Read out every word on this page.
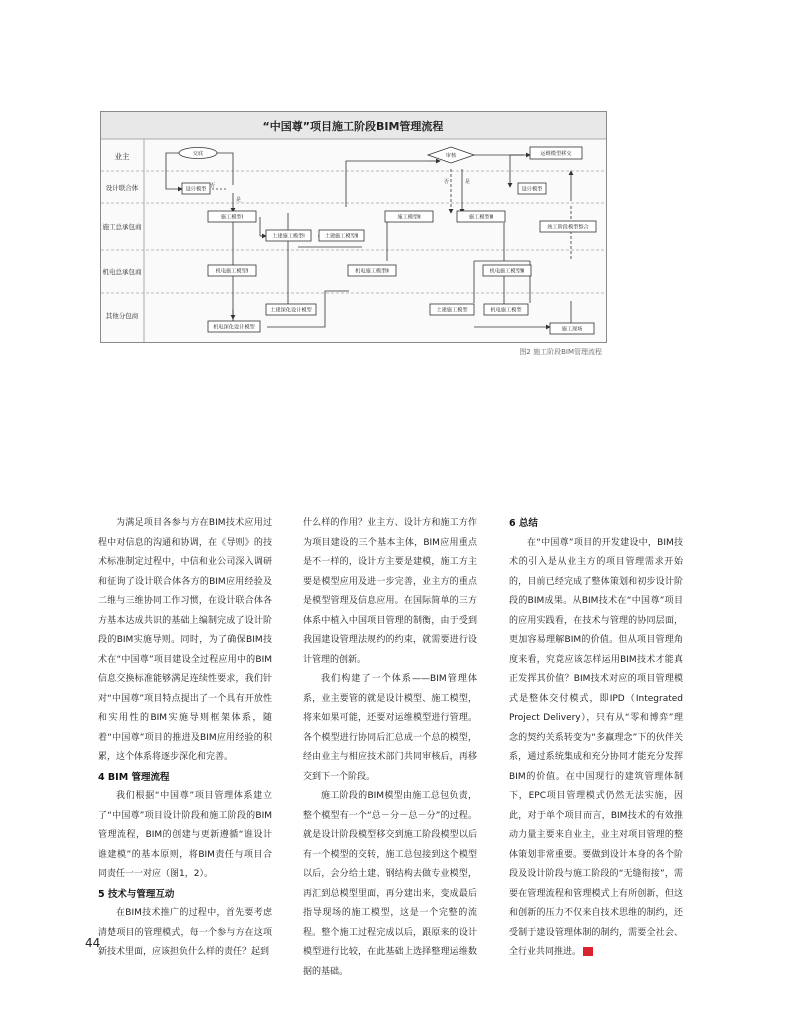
“中国尊”项目施工阶段BIM管理流程
业主
设计联合体
施工总承包商
机电总承包商
其他分包商
交底	审核	运维模型移交
设计模型	设计模型
施工模型Ⅰ
土建施工模型Ⅰ	土建施工模型Ⅱ
施工模型Ⅱ	施工模型Ⅲ
竣工阶段模型整合
机电施工模型Ⅰ	机电施工模型Ⅱ	机电施工模型Ⅲ
土建深化设计模型
机电深化设计模型
土建施工模型	机电施工模型
施工现场
否
是
否	是
图2 施工阶段BIM管理流程

为满足项目各参与方在BIM技术应用过程中对信息的沟通和协调，在《导则》的技术标准制定过程中，中信和业公司深入调研和征询了设计联合体各方的BIM应用经验及二维与三维协同工作习惯，在设计联合体各方基本达成共识的基础上编制完成了设计阶段的BIM实施导则。同时，为了确保BIM技术在“中国尊”项目建设全过程应用中的BIM信息交换标准能够满足连续性要求，我们针对“中国尊”项目特点提出了一个具有开放性和实用性的BIM实施导则框架体系，随着“中国尊”项目的推进及BIM应用经验的积累，这个体系将逐步深化和完善。

4 BIM 管理流程

我们根据“中国尊”项目管理体系建立了“中国尊”项目设计阶段和施工阶段的BIM管理流程，BIM的创建与更新遵循“谁设计谁建模”的基本原则，将BIM责任与项目合同责任一一对应（图1，2）。

5 技术与管理互动

在BIM技术推广的过程中，首先要考虑清楚项目的管理模式，每一个参与方在这项新技术里面，应该担负什么样的责任？起到

什么样的作用？业主方、设计方和施工方作为项目建设的三个基本主体，BIM应用重点是不一样的，设计方主要是建模，施工方主要是模型应用及进一步完善，业主方的重点是模型管理及信息应用。在国际简单的三方体系中植入中国项目管理的制衡，由于受到我国建设管理法规约的约束，就需要进行设计管理的创新。

我们构建了一个体系——BIM管理体系，业主要管的就是设计模型、施工模型，将来如果可能，还要对运维模型进行管理。各个模型进行协同后汇总成一个总的模型，经由业主与相应技术部门共同审核后，再移交到下一个阶段。

施工阶段的BIM模型由施工总包负责，整个模型有一个“总－分－总－分”的过程。就是设计阶段模型移交到施工阶段模型以后有一个模型的交转，施工总包接到这个模型以后，会分给土建、钢结构去做专业模型，再汇到总模型里面，再分建出来，变成最后指导现场的施工模型，这是一个完整的流程。整个施工过程完成以后，跟原来的设计模型进行比较，在此基础上选择整理运维数据的基础。

6 总结

在“中国尊”项目的开发建设中，BIM技术的引入是从业主方的项目管理需求开始的，目前已经完成了整体策划和初步设计阶段的BIM成果。从BIM技术在“中国尊”项目的应用实践看，在技术与管理的协同层面，更加容易理解BIM的价值。但从项目管理角度来看，究竟应该怎样运用BIM技术才能真正发挥其价值？BIM技术对应的项目管理模式是整体交付模式，即IPD（Integrated Project Delivery），只有从“零和博弈”理念的契约关系转变为“多赢理念”下的伙伴关系，通过系统集成和充分协同才能充分发挥BIM的价值。在中国现行的建筑管理体制下，EPC项目管理模式仍然无法实施，因此，对于单个项目而言，BIM技术的有效推动力量主要来自业主，业主对项目管理的整体策划非常重要。要做到设计本身的各个阶段及设计阶段与施工阶段的“无缝衔接”，需要在管理流程和管理模式上有所创新，但这和创新的压力不仅来自技术思维的制约，还受制于建设管理体制的制约，需要全社会、全行业共同推进。	AT

44
